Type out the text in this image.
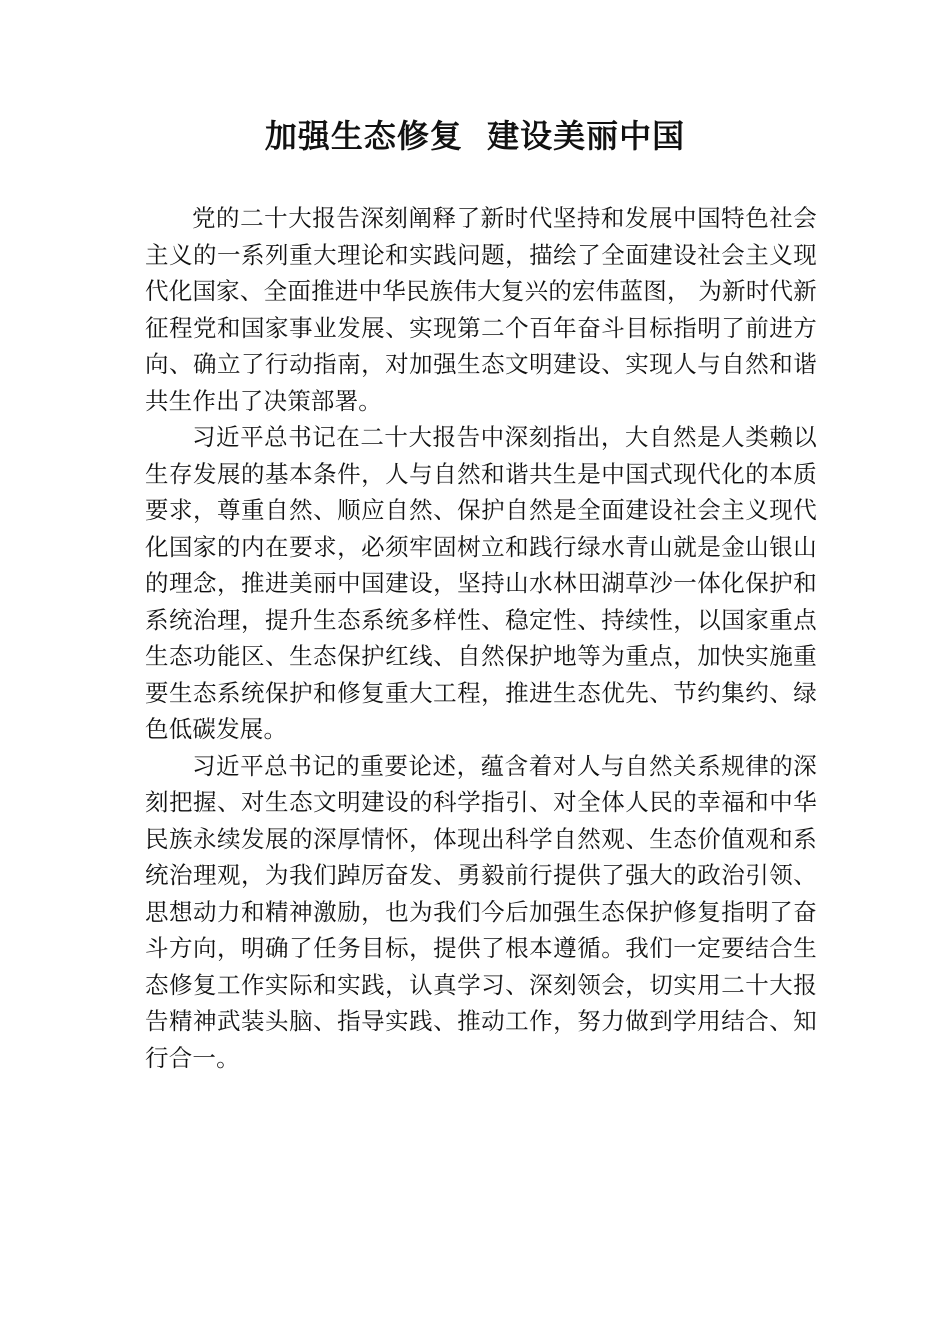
加强生态修复  建设美丽中国

党的二十大报告深刻阐释了新时代坚持和发展中国特色社会主义的一系列重大理论和实践问题，描绘了全面建设社会主义现代化国家、全面推进中华民族伟大复兴的宏伟蓝图， 为新时代新征程党和国家事业发展、实现第二个百年奋斗目标指明了前进方向、确立了行动指南，对加强生态文明建设、实现人与自然和谐共生作出了决策部署。

习近平总书记在二十大报告中深刻指出，大自然是人类赖以生存发展的基本条件，人与自然和谐共生是中国式现代化的本质要求，尊重自然、顺应自然、保护自然是全面建设社会主义现代化国家的内在要求，必须牢固树立和践行绿水青山就是金山银山的理念，推进美丽中国建设，坚持山水林田湖草沙一体化保护和系统治理，提升生态系统多样性、稳定性、持续性，以国家重点生态功能区、生态保护红线、自然保护地等为重点，加快实施重要生态系统保护和修复重大工程，推进生态优先、节约集约、绿色低碳发展。

习近平总书记的重要论述，蕴含着对人与自然关系规律的深刻把握、对生态文明建设的科学指引、对全体人民的幸福和中华民族永续发展的深厚情怀，体现出科学自然观、生态价值观和系统治理观，为我们踔厉奋发、勇毅前行提供了强大的政治引领、思想动力和精神激励，也为我们今后加强生态保护修复指明了奋斗方向，明确了任务目标，提供了根本遵循。我们一定要结合生态修复工作实际和实践，认真学习、深刻领会，切实用二十大报告精神武装头脑、指导实践、推动工作，努力做到学用结合、知行合一。
